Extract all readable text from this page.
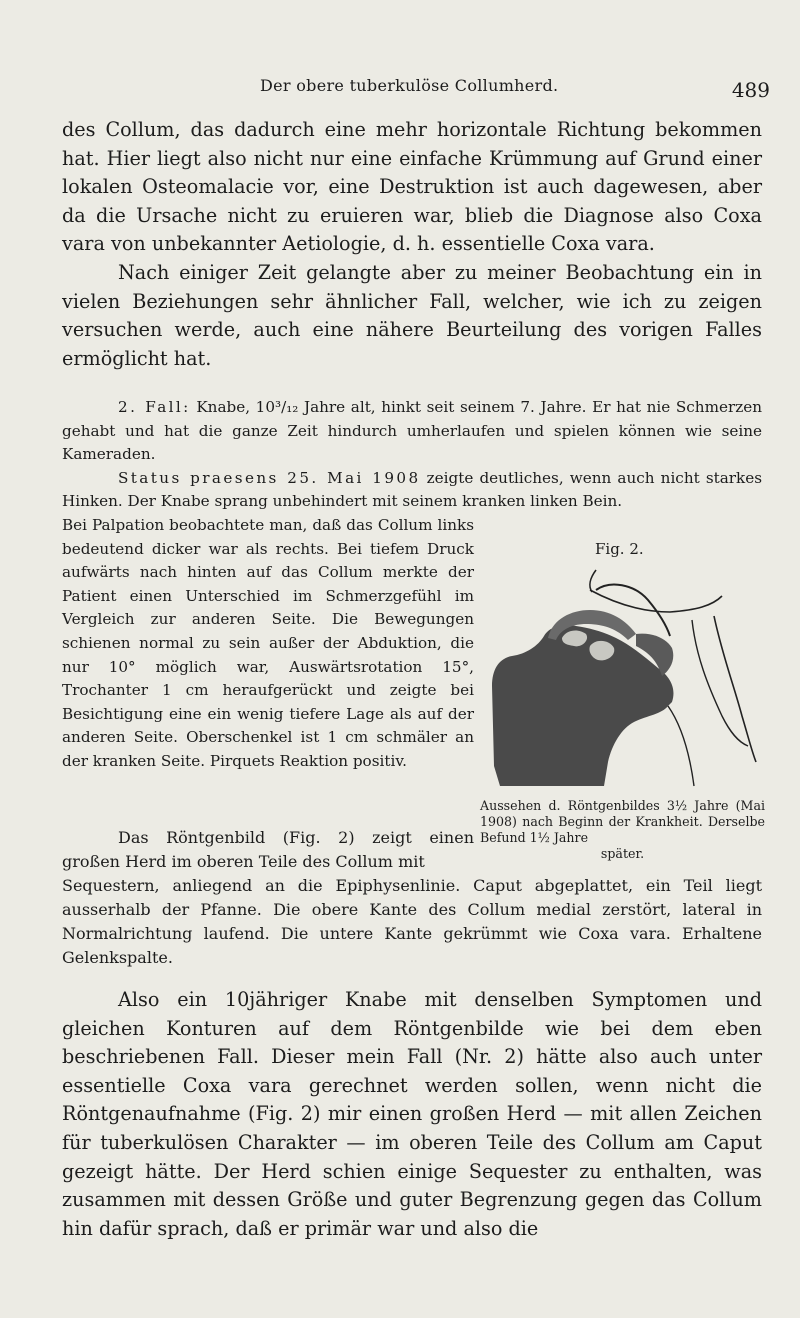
Der obere tuberkulöse Collumherd.	489

des Collum, das dadurch eine mehr horizontale Richtung bekommen hat. Hier liegt also nicht nur eine einfache Krümmung auf Grund einer lokalen Osteomalacie vor, eine Destruktion ist auch dagewesen, aber da die Ursache nicht zu eruieren war, blieb die Diagnose also Coxa vara von unbekannter Aetiologie, d. h. essentielle Coxa vara.

Nach einiger Zeit gelangte aber zu meiner Beobachtung ein in vielen Beziehungen sehr ähnlicher Fall, welcher, wie ich zu zeigen versuchen werde, auch eine nähere Beurteilung des vorigen Falles ermöglicht hat.

2. Fall: Knabe, 10³/₁₂ Jahre alt, hinkt seit seinem 7. Jahre. Er hat nie Schmerzen gehabt und hat die ganze Zeit hindurch umherlaufen und spielen können wie seine Kameraden.

Status praesens 25. Mai 1908 zeigte deutliches, wenn auch nicht starkes Hinken. Der Knabe sprang unbehindert mit seinem kranken linken Bein.

Bei Palpation beobachtete man, daß das Collum links bedeutend dicker war als rechts. Bei tiefem Druck aufwärts nach hinten auf das Collum merkte der Patient einen Unterschied im Schmerzgefühl im Vergleich zur anderen Seite. Die Bewegungen schienen normal zu sein außer der Abduktion, die nur 10° möglich war, Auswärtsrotation 15°, Trochanter 1 cm heraufgerückt und zeigte bei Besichtigung eine ein wenig tiefere Lage als auf der anderen Seite. Oberschenkel ist 1 cm schmäler an der kranken Seite. Pirquets Reaktion positiv.

Das Röntgenbild (Fig. 2) zeigt einen großen Herd im oberen Teile des Collum mit

Sequestern, anliegend an die Epiphysenlinie. Caput abgeplattet, ein Teil liegt ausserhalb der Pfanne. Die obere Kante des Collum medial zerstört, lateral in Normalrichtung laufend. Die untere Kante gekrümmt wie Coxa vara. Erhaltene Gelenkspalte.

Fig. 2.
Aussehen d. Röntgenbildes 3½ Jahre (Mai 1908) nach Beginn der Krankheit. Derselbe Befund 1½ Jahre
später.

Also ein 10jähriger Knabe mit denselben Symptomen und gleichen Konturen auf dem Röntgenbilde wie bei dem eben beschriebenen Fall. Dieser mein Fall (Nr. 2) hätte also auch unter essentielle Coxa vara gerechnet werden sollen, wenn nicht die Röntgenaufnahme (Fig. 2) mir einen großen Herd — mit allen Zeichen für tuberkulösen Charakter — im oberen Teile des Collum am Caput gezeigt hätte. Der Herd schien einige Sequester zu enthalten, was zusammen mit dessen Größe und guter Begrenzung gegen das Collum hin dafür sprach, daß er primär war und also die
